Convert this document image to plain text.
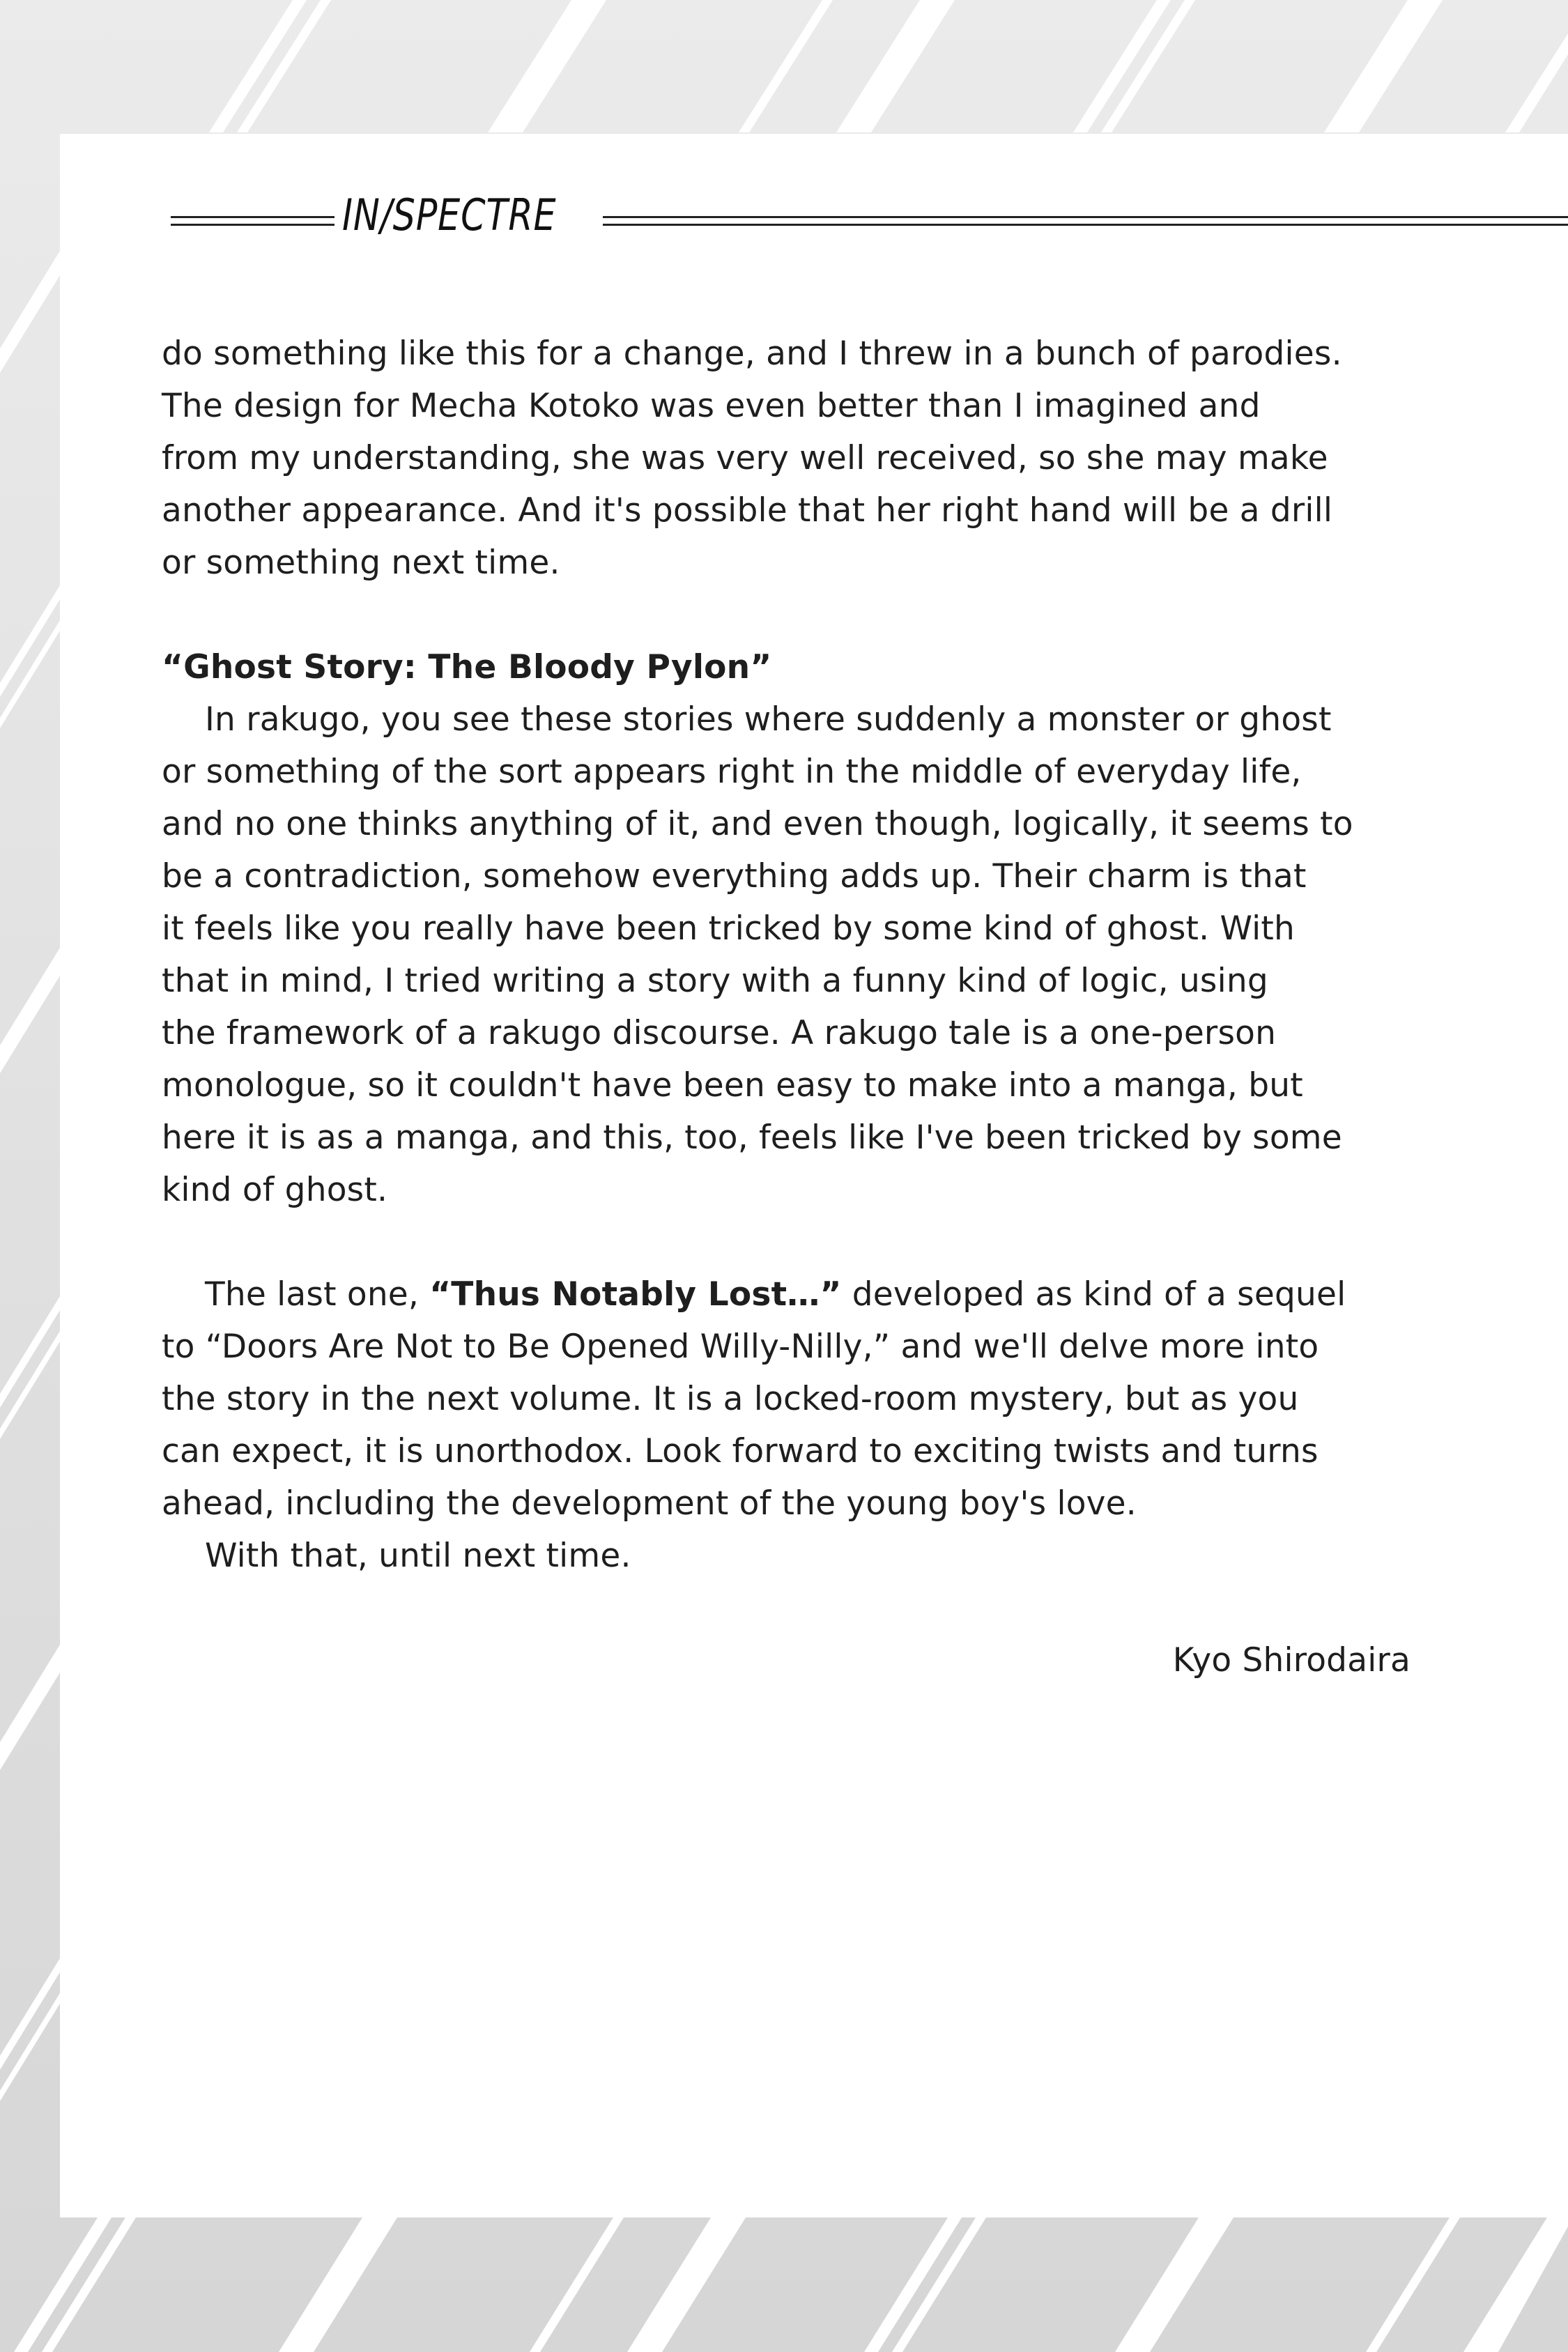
IN/SPECTRE

do something like this for a change, and I threw in a bunch of parodies.

The design for Mecha Kotoko was even better than I imagined and

from my understanding, she was very well received, so she may make

another appearance. And it's possible that her right hand will be a drill

or something next time.

“Ghost Story: The Bloody Pylon”

In rakugo, you see these stories where suddenly a monster or ghost

or something of the sort appears right in the middle of everyday life,

and no one thinks anything of it, and even though, logically, it seems to

be a contradiction, somehow everything adds up. Their charm is that

it feels like you really have been tricked by some kind of ghost. With

that in mind, I tried writing a story with a funny kind of logic, using

the framework of a rakugo discourse. A rakugo tale is a one-person

monologue, so it couldn't have been easy to make into a manga, but

here it is as a manga, and this, too, feels like I've been tricked by some

kind of ghost.

The last one, “Thus Notably Lost…” developed as kind of a sequel

to “Doors Are Not to Be Opened Willy-Nilly,” and we'll delve more into

the story in the next volume. It is a locked-room mystery, but as you

can expect, it is unorthodox. Look forward to exciting twists and turns

ahead, including the development of the young boy's love.

With that, until next time.

Kyo Shirodaira
